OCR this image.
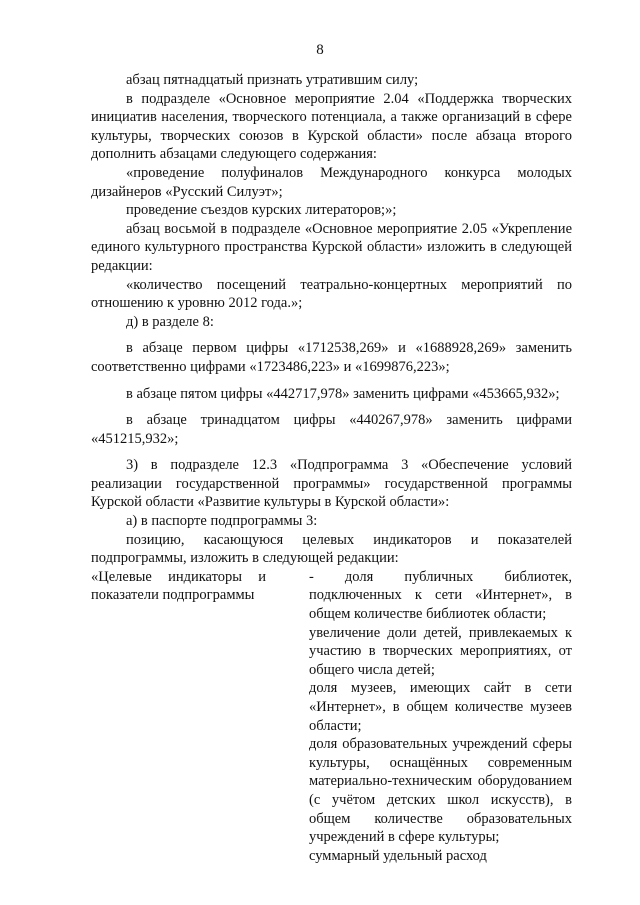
8

абзац пятнадцатый признать утратившим силу;

в подразделе «Основное мероприятие 2.04 «Поддержка творческих инициатив населения, творческого потенциала, а также организаций в сфере культуры, творческих союзов в Курской области» после абзаца второго дополнить абзацами следующего содержания:

«проведение полуфиналов Международного конкурса молодых дизайнеров «Русский Силуэт»;

проведение съездов курских литераторов;»;

абзац восьмой в подразделе «Основное мероприятие 2.05 «Укрепление единого культурного пространства Курской области» изложить в следующей редакции:

«количество посещений театрально-концертных мероприятий по отношению к уровню 2012 года.»;

д) в разделе 8:

в абзаце первом цифры «1712538,269» и «1688928,269» заменить соответственно цифрами «1723486,223» и «1699876,223»;

в абзаце пятом цифры «442717,978» заменить цифрами «453665,932»;

в абзаце тринадцатом цифры «440267,978» заменить цифрами «451215,932»;

3) в подразделе 12.3 «Подпрограмма 3 «Обеспечение условий реализации государственной программы» государственной программы Курской области «Развитие культуры в Курской области»:

а) в паспорте подпрограммы 3:

позицию, касающуюся целевых индикаторов и показателей подпрограммы, изложить в следующей редакции:

«Целевые индикаторы и показатели подпрограммы

- доля публичных библиотек, подключенных к сети «Интернет», в общем количестве библиотек области;

увеличение доли детей, привлекаемых к участию в творческих мероприятиях, от общего числа детей;

доля музеев, имеющих сайт в сети «Интернет», в общем количестве музеев области;

доля образовательных учреждений сферы культуры, оснащённых современным материально-техническим оборудованием (с учётом детских школ искусств), в общем количестве образовательных учреждений в сфере культуры;

суммарный удельный расход
